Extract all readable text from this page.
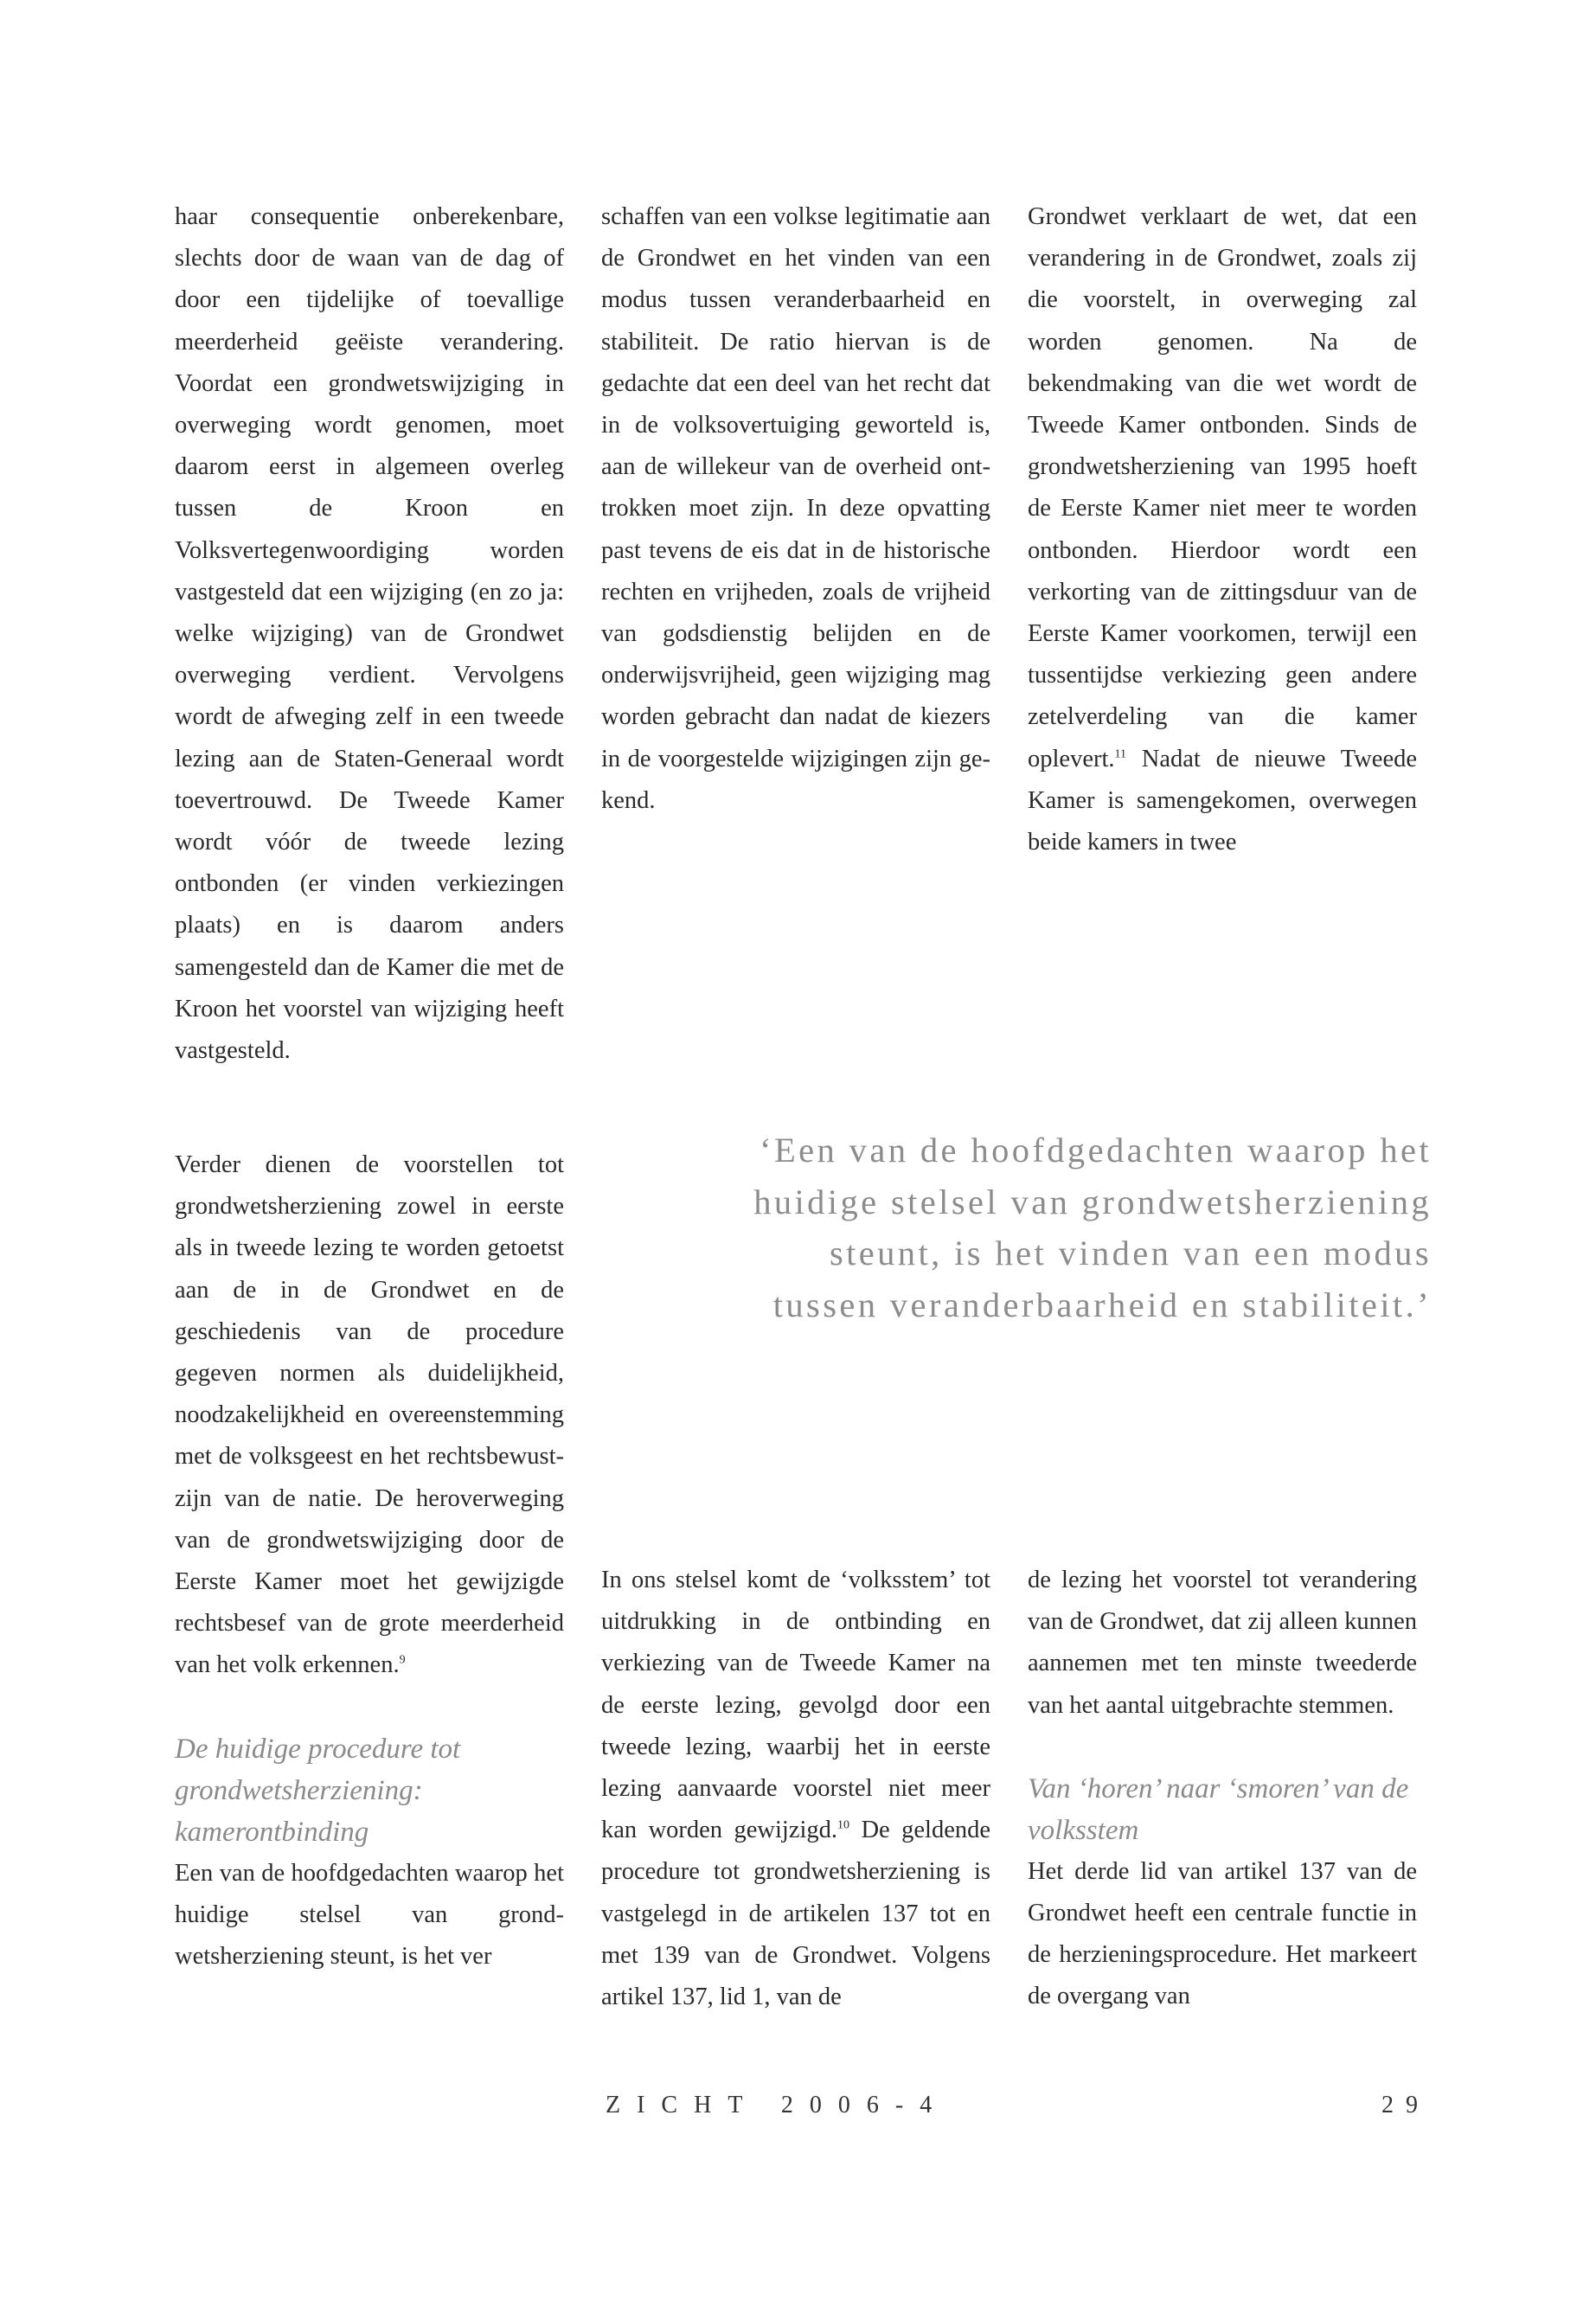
haar consequentie onberekenbare, slechts door de waan van de dag of door een tijdelijke of toevallige meerderheid geëiste verandering. Voordat een grondwetswijziging in overweging wordt genomen, moet daarom eerst in algemeen overleg tussen de Kroon en Volksvertegenwoordiging worden vastgesteld dat een wijziging (en zo ja: welke wijziging) van de Grondwet overweging verdient. Vervolgens wordt de afweging zelf in een tweede lezing aan de Staten-Generaal wordt toevertrouwd. De Tweede Kamer wordt vóór de tweede lezing ontbonden (er vinden verkiezingen plaats) en is daarom anders samengesteld dan de Kamer die met de Kroon het voorstel van wijziging heeft vastgesteld.

Verder dienen de voorstellen tot grondwetsherziening zowel in eerste als in tweede lezing te worden getoetst aan de in de Grondwet en de geschiedenis van de procedure gegeven normen als duidelijkheid, noodzakelijkheid en overeenstemming met de volksgeest en het rechtsbewustzijn van de natie. De heroverweging van de grondwetswijziging door de Eerste Kamer moet het gewijzigde rechtsbesef van de grote meerderheid van het volk erkennen.$^9$

De huidige procedure tot grondwetsherziening: kamerontbinding

Een van de hoofdgedachten waarop het huidige stelsel van grondwetsherziening steunt, is het ver

schaffen van een volkse legitimatie aan de Grondwet en het vinden van een modus tussen veranderbaarheid en stabiliteit. De ratio hiervan is de gedachte dat een deel van het recht dat in de volksovertuiging geworteld is, aan de willekeur van de overheid onttrokken moet zijn. In deze opvatting past tevens de eis dat in de historische rechten en vrijheden, zoals de vrijheid van godsdienstig belijden en de onderwijsvrijheid, geen wijziging mag worden gebracht dan nadat de kiezers in de voorgestelde wijzigingen zijn gekend.

In ons stelsel komt de ‘volksstem’ tot uitdrukking in de ontbinding en verkiezing van de Tweede Kamer na de eerste lezing, gevolgd door een tweede lezing, waarbij het in eerste lezing aanvaarde voorstel niet meer kan worden gewijzigd.$^{10}$ De geldende procedure tot grondwetsherziening is vastgelegd in de artikelen 137 tot en met 139 van de Grondwet. Volgens artikel 137, lid 1, van de

Grondwet verklaart de wet, dat een verandering in de Grondwet, zoals zij die voorstelt, in overweging zal worden genomen. Na de bekendmaking van die wet wordt de Tweede Kamer ontbonden. Sinds de grondwetsherziening van 1995 hoeft de Eerste Kamer niet meer te worden ontbonden. Hierdoor wordt een verkorting van de zittingsduur van de Eerste Kamer voorkomen, terwijl een tussentijdse verkiezing geen andere zetelverdeling van die kamer oplevert.$^{11}$ Nadat de nieuwe Tweede Kamer is samengekomen, overwegen beide kamers in twee

de lezing het voorstel tot verandering van de Grondwet, dat zij alleen kunnen aannemen met ten minste tweederde van het aantal uitgebrachte stemmen.

Van ‘horen’ naar ‘smoren’ van de volksstem

Het derde lid van artikel 137 van de Grondwet heeft een centrale functie in de herzieningsprocedure. Het markeert de overgang van

‘Een van de hoofdgedachten waarop het
huidige stelsel van grondwetsherziening
steunt, is het vinden van een modus
tussen veranderbaarheid en stabiliteit.’
ZICHT 2006-4	29
